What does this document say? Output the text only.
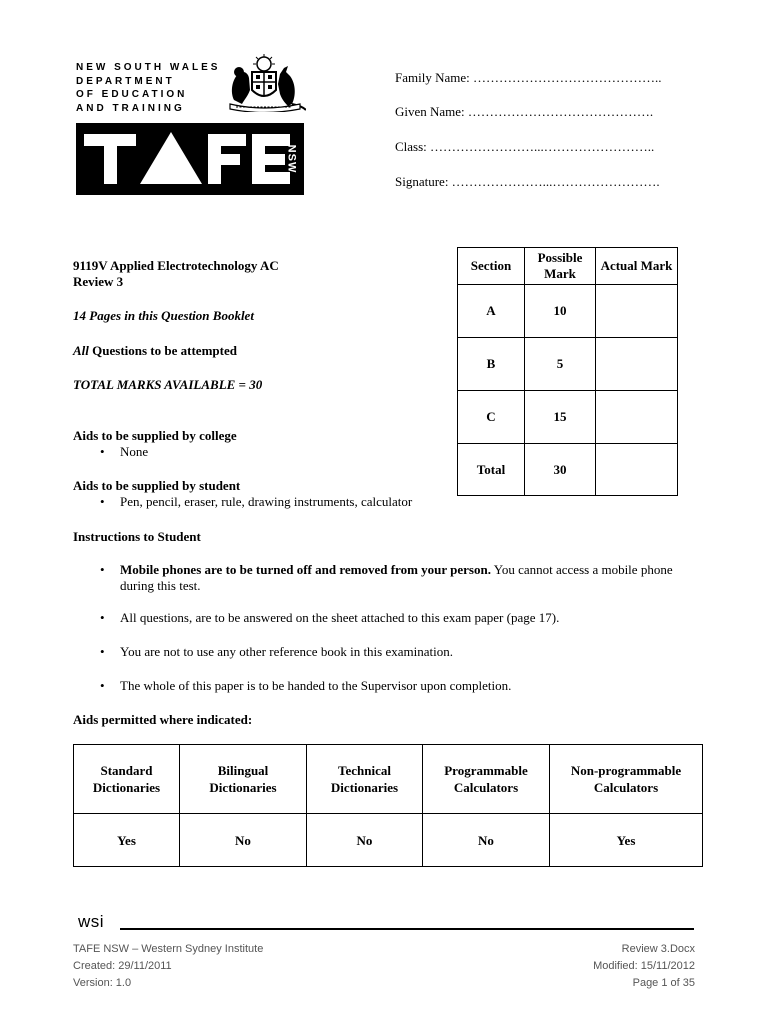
NEW SOUTH WALES
DEPARTMENT
OF EDUCATION
AND TRAINING
NSW
Family Name: ……………………………………..
Given Name: …………………………………….
Class: ……………………...……………………..
Signature: …………………...…………………….
9119V Applied Electrotechnology AC
Review 3
14 Pages in this Question Booklet
All Questions to be attempted
TOTAL MARKS AVAILABLE = 30
Aids to be supplied by college
• None
Aids to be supplied by student
• Pen, pencil, eraser, rule, drawing instruments, calculator
Section	Possible Mark	Actual Mark
A	10	
B	5	
C	15	
Total	30	
Instructions to Student
• Mobile phones are to be turned off and removed from your person. You cannot access a mobile phone during this test.
• All questions, are to be answered on the sheet attached to this exam paper (page 17).
• You are not to use any other reference book in this examination.
• The whole of this paper is to be handed to the Supervisor upon completion.
Aids permitted where indicated:
Standard Dictionaries	Bilingual Dictionaries	Technical Dictionaries	Programmable Calculators	Non-programmable Calculators
Yes	No	No	No	Yes
wsi
TAFE NSW – Western Sydney Institute
Created: 29/11/2011
Version: 1.0
Review 3.Docx
Modified: 15/11/2012
Page 1 of 35
